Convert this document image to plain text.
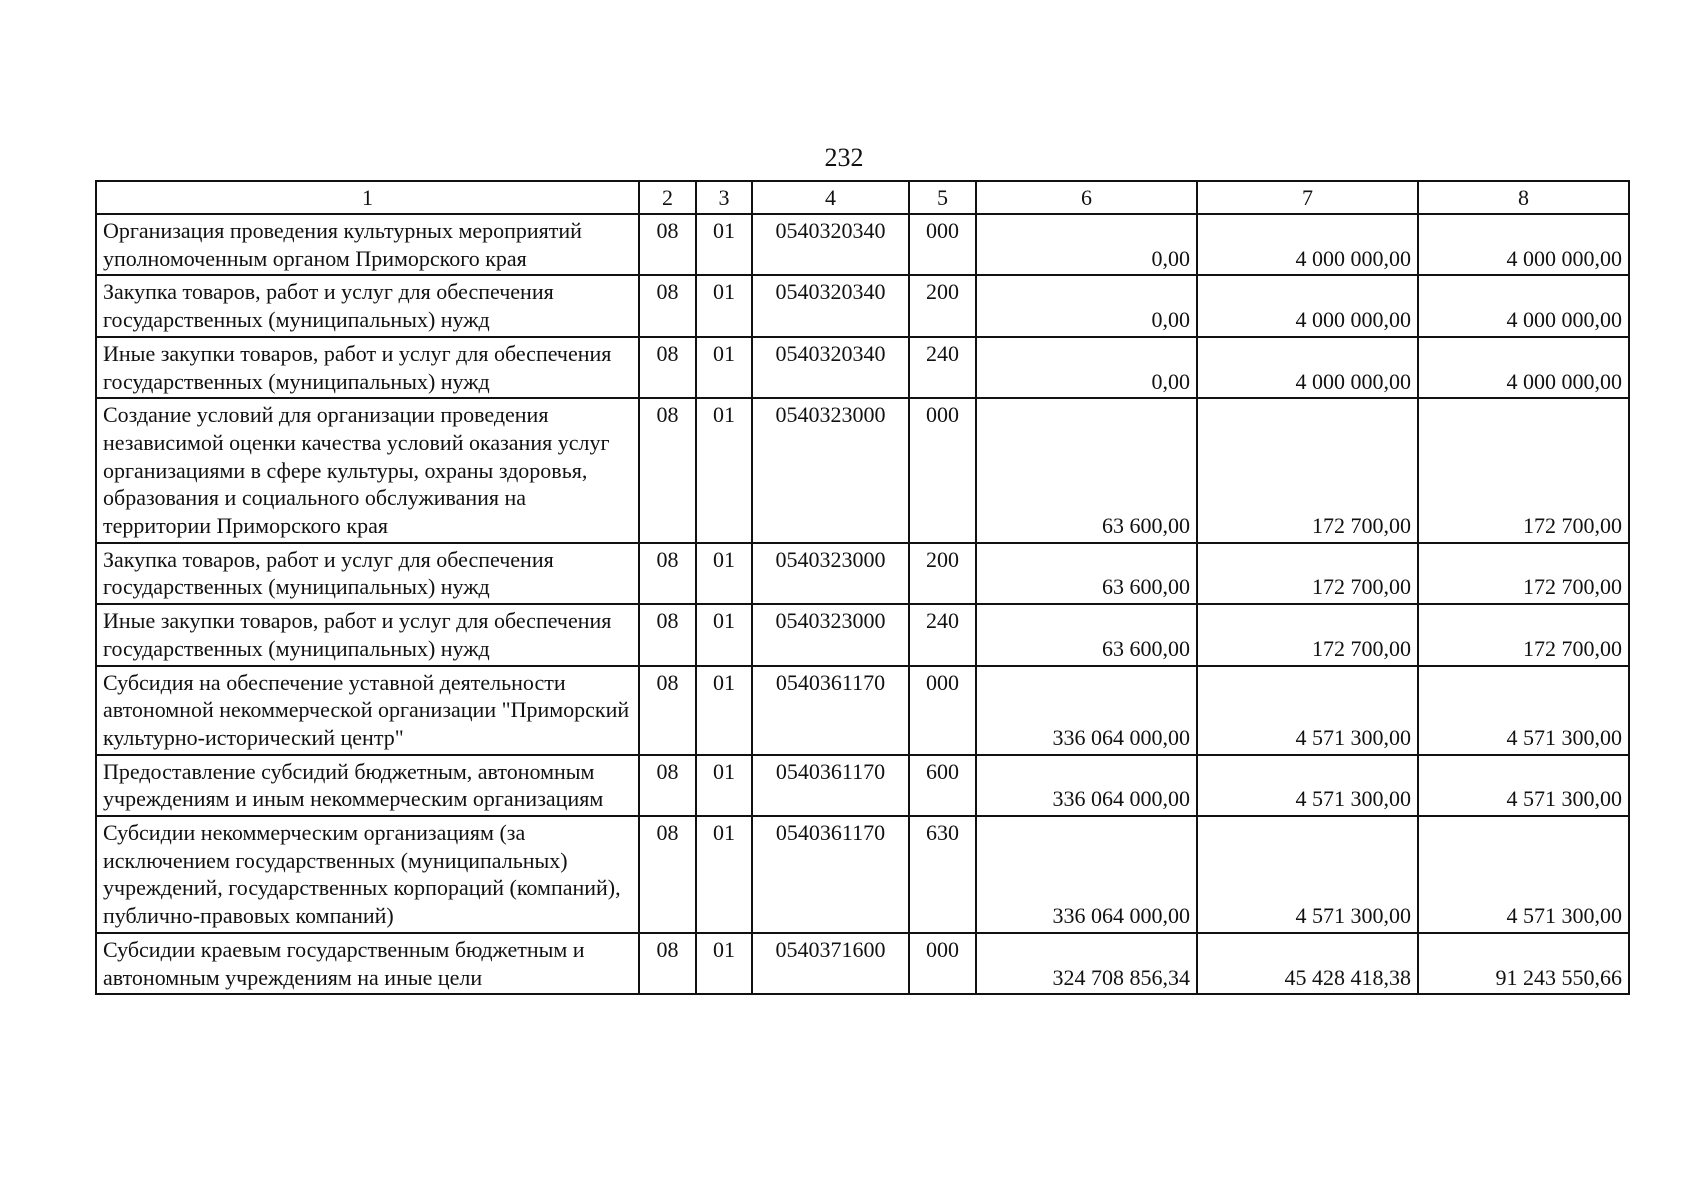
232
1	2	3	4	5	6	7	8
Организация проведения культурных мероприятий уполномоченным органом Приморского края	08	01	0540320340	000	0,00	4 000 000,00	4 000 000,00
Закупка товаров, работ и услуг для обеспечения государственных (муниципальных) нужд	08	01	0540320340	200	0,00	4 000 000,00	4 000 000,00
Иные закупки товаров, работ и услуг для обеспечения государственных (муниципальных) нужд	08	01	0540320340	240	0,00	4 000 000,00	4 000 000,00
Создание условий для организации проведения независимой оценки качества условий оказания услуг организациями в сфере культуры, охраны здоровья, образования и социального обслуживания на территории Приморского края	08	01	0540323000	000	63 600,00	172 700,00	172 700,00
Закупка товаров, работ и услуг для обеспечения государственных (муниципальных) нужд	08	01	0540323000	200	63 600,00	172 700,00	172 700,00
Иные закупки товаров, работ и услуг для обеспечения государственных (муниципальных) нужд	08	01	0540323000	240	63 600,00	172 700,00	172 700,00
Субсидия на обеспечение уставной деятельности автономной некоммерческой организации "Приморский культурно-исторический центр"	08	01	0540361170	000	336 064 000,00	4 571 300,00	4 571 300,00
Предоставление субсидий бюджетным, автономным учреждениям и иным некоммерческим организациям	08	01	0540361170	600	336 064 000,00	4 571 300,00	4 571 300,00
Субсидии некоммерческим организациям (за исключением государственных (муниципальных) учреждений, государственных корпораций (компаний), публично-правовых компаний)	08	01	0540361170	630	336 064 000,00	4 571 300,00	4 571 300,00
Субсидии краевым государственным бюджетным и автономным учреждениям на иные цели	08	01	0540371600	000	324 708 856,34	45 428 418,38	91 243 550,66
